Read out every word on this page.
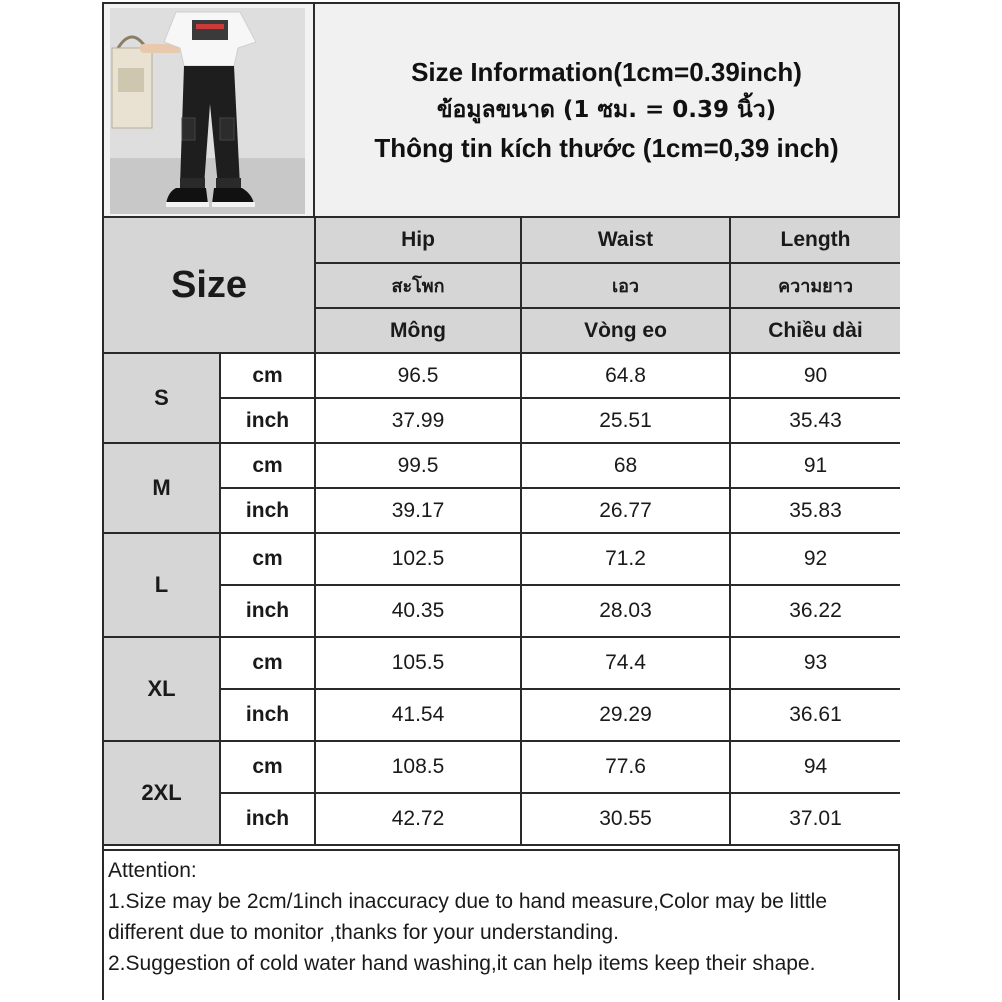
Size Information(1cm=0.39inch)
ข้อมูลขนาด (1 ซม. = 0.39 นิ้ว)
Thông tin kích thước (1cm=0,39 inch)
Size		Hip	Waist	Length
		สะโพก	เอว	ความยาว
		Mông	Vòng eo	Chiều dài
S	cm	96.5	64.8	90
	inch	37.99	25.51	35.43
M	cm	99.5	68	91
	inch	39.17	26.77	35.83
L	cm	102.5	71.2	92
	inch	40.35	28.03	36.22
XL	cm	105.5	74.4	93
	inch	41.54	29.29	36.61
2XL	cm	108.5	77.6	94
	inch	42.72	30.55	37.01
Attention:
1.Size may be 2cm/1inch inaccuracy due to hand measure,Color may be little different due to monitor ,thanks for your understanding.
2.Suggestion of cold water hand washing,it can help items keep their shape.
